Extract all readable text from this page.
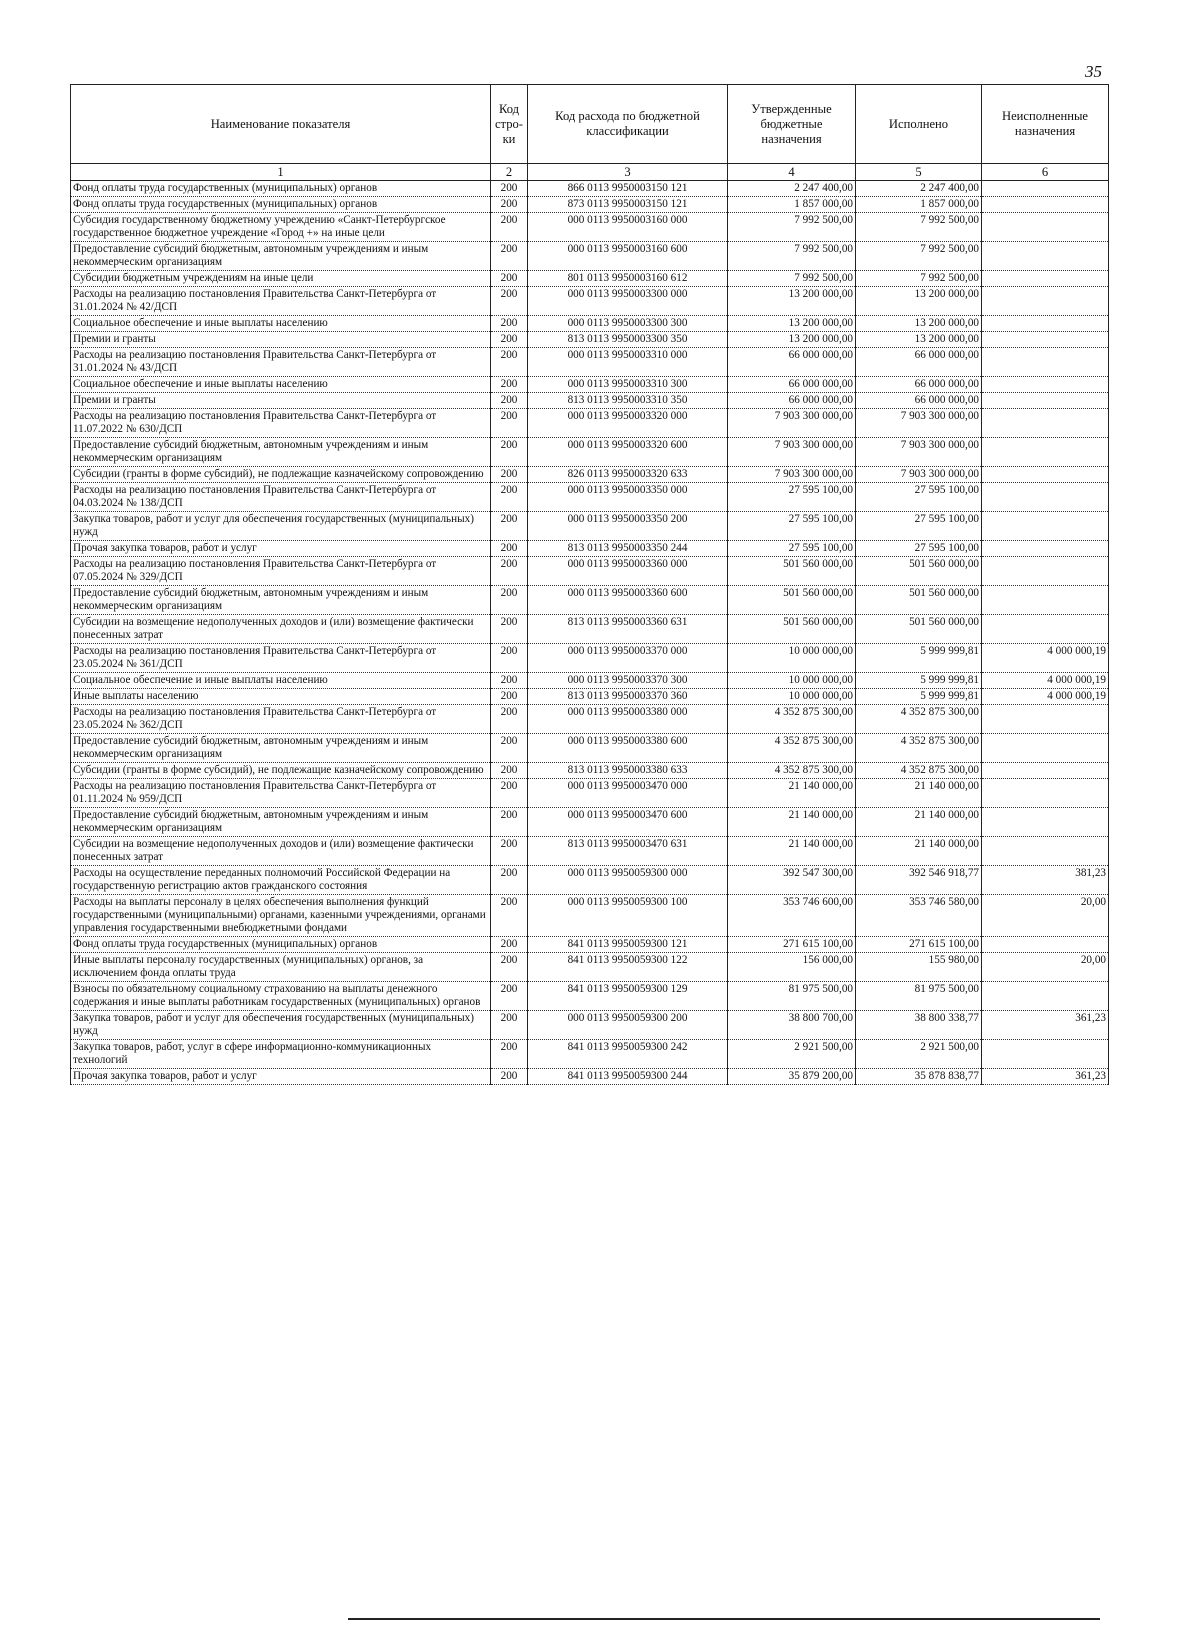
35
Наименование показателя	Код стро-ки	Код расхода по бюджетной классификации	Утвержденные бюджетные назначения	Исполнено	Неисполненные назначения
1	2	3	4	5	6
Фонд оплаты труда государственных (муниципальных) органов	200	866 0113 9950003150 121	2 247 400,00	2 247 400,00	
Фонд оплаты труда государственных (муниципальных) органов	200	873 0113 9950003150 121	1 857 000,00	1 857 000,00	
Субсидия государственному бюджетному учреждению «Санкт-Петербургское государственное бюджетное учреждение «Город +» на иные цели	200	000 0113 9950003160 000	7 992 500,00	7 992 500,00	
Предоставление субсидий бюджетным, автономным учреждениям и иным некоммерческим организациям	200	000 0113 9950003160 600	7 992 500,00	7 992 500,00	
Субсидии бюджетным учреждениям на иные цели	200	801 0113 9950003160 612	7 992 500,00	7 992 500,00	
Расходы на реализацию постановления Правительства Санкт-Петербурга от 31.01.2024 № 42/ДСП	200	000 0113 9950003300 000	13 200 000,00	13 200 000,00	
Социальное обеспечение и иные выплаты населению	200	000 0113 9950003300 300	13 200 000,00	13 200 000,00	
Премии и гранты	200	813 0113 9950003300 350	13 200 000,00	13 200 000,00	
Расходы на реализацию постановления Правительства Санкт-Петербурга от 31.01.2024 № 43/ДСП	200	000 0113 9950003310 000	66 000 000,00	66 000 000,00	
Социальное обеспечение и иные выплаты населению	200	000 0113 9950003310 300	66 000 000,00	66 000 000,00	
Премии и гранты	200	813 0113 9950003310 350	66 000 000,00	66 000 000,00	
Расходы на реализацию постановления Правительства Санкт-Петербурга от 11.07.2022 № 630/ДСП	200	000 0113 9950003320 000	7 903 300 000,00	7 903 300 000,00	
Предоставление субсидий бюджетным, автономным учреждениям и иным некоммерческим организациям	200	000 0113 9950003320 600	7 903 300 000,00	7 903 300 000,00	
Субсидии (гранты в форме субсидий), не подлежащие казначейскому сопровождению	200	826 0113 9950003320 633	7 903 300 000,00	7 903 300 000,00	
Расходы на реализацию постановления Правительства Санкт-Петербурга от 04.03.2024 № 138/ДСП	200	000 0113 9950003350 000	27 595 100,00	27 595 100,00	
Закупка товаров, работ и услуг для обеспечения государственных (муниципальных) нужд	200	000 0113 9950003350 200	27 595 100,00	27 595 100,00	
Прочая закупка товаров, работ и услуг	200	813 0113 9950003350 244	27 595 100,00	27 595 100,00	
Расходы на реализацию постановления Правительства Санкт-Петербурга от 07.05.2024 № 329/ДСП	200	000 0113 9950003360 000	501 560 000,00	501 560 000,00	
Предоставление субсидий бюджетным, автономным учреждениям и иным некоммерческим организациям	200	000 0113 9950003360 600	501 560 000,00	501 560 000,00	
Субсидии на возмещение недополученных доходов и (или) возмещение фактически понесенных затрат	200	813 0113 9950003360 631	501 560 000,00	501 560 000,00	
Расходы на реализацию постановления Правительства Санкт-Петербурга от 23.05.2024 № 361/ДСП	200	000 0113 9950003370 000	10 000 000,00	5 999 999,81	4 000 000,19
Социальное обеспечение и иные выплаты населению	200	000 0113 9950003370 300	10 000 000,00	5 999 999,81	4 000 000,19
Иные выплаты населению	200	813 0113 9950003370 360	10 000 000,00	5 999 999,81	4 000 000,19
Расходы на реализацию постановления Правительства Санкт-Петербурга от 23.05.2024 № 362/ДСП	200	000 0113 9950003380 000	4 352 875 300,00	4 352 875 300,00	
Предоставление субсидий бюджетным, автономным учреждениям и иным некоммерческим организациям	200	000 0113 9950003380 600	4 352 875 300,00	4 352 875 300,00	
Субсидии (гранты в форме субсидий), не подлежащие казначейскому сопровождению	200	813 0113 9950003380 633	4 352 875 300,00	4 352 875 300,00	
Расходы на реализацию постановления Правительства Санкт-Петербурга от 01.11.2024 № 959/ДСП	200	000 0113 9950003470 000	21 140 000,00	21 140 000,00	
Предоставление субсидий бюджетным, автономным учреждениям и иным некоммерческим организациям	200	000 0113 9950003470 600	21 140 000,00	21 140 000,00	
Субсидии на возмещение недополученных доходов и (или) возмещение фактически понесенных затрат	200	813 0113 9950003470 631	21 140 000,00	21 140 000,00	
Расходы на осуществление переданных полномочий Российской Федерации на государственную регистрацию актов гражданского состояния	200	000 0113 9950059300 000	392 547 300,00	392 546 918,77	381,23
Расходы на выплаты персоналу в целях обеспечения выполнения функций государственными (муниципальными) органами, казенными учреждениями, органами управления государственными внебюджетными фондами	200	000 0113 9950059300 100	353 746 600,00	353 746 580,00	20,00
Фонд оплаты труда государственных (муниципальных) органов	200	841 0113 9950059300 121	271 615 100,00	271 615 100,00	
Иные выплаты персоналу государственных (муниципальных) органов, за исключением фонда оплаты труда	200	841 0113 9950059300 122	156 000,00	155 980,00	20,00
Взносы по обязательному социальному страхованию на выплаты денежного содержания и иные выплаты работникам государственных (муниципальных) органов	200	841 0113 9950059300 129	81 975 500,00	81 975 500,00	
Закупка товаров, работ и услуг для обеспечения государственных (муниципальных) нужд	200	000 0113 9950059300 200	38 800 700,00	38 800 338,77	361,23
Закупка товаров, работ, услуг в сфере информационно-коммуникационных технологий	200	841 0113 9950059300 242	2 921 500,00	2 921 500,00	
Прочая закупка товаров, работ и услуг	200	841 0113 9950059300 244	35 879 200,00	35 878 838,77	361,23
